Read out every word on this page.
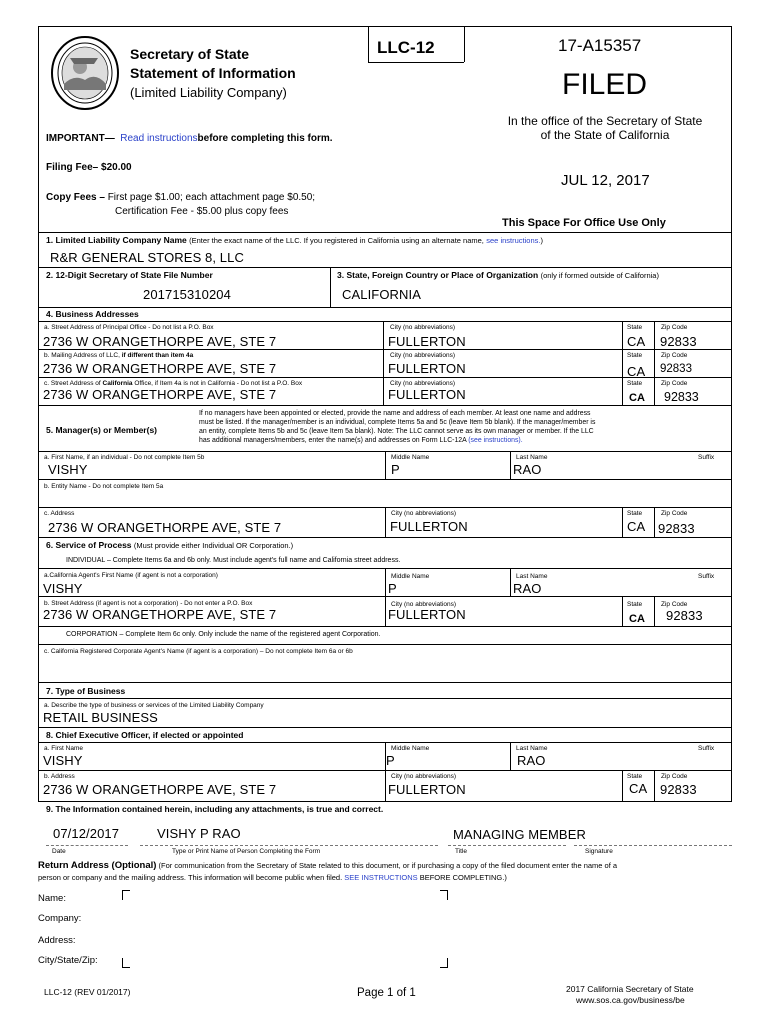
Secretary of State
Statement of Information
(Limited Liability Company)
LLC-12	17-A15357
FILED
In the office of the Secretary of State
of the State of California
JUL 12, 2017
This Space For Office Use Only
IMPORTANT— Read instructionsbefore completing this form.
Filing Fee– $20.00
Copy Fees – First page $1.00; each attachment page $0.50;
Certification Fee - $5.00 plus copy fees
1. Limited Liability Company Name (Enter the exact name of the LLC. If you registered in California using an alternate name, see instructions.)
R&R GENERAL STORES 8, LLC
2. 12-Digit Secretary of State File Number
201715310204
3. State, Foreign Country or Place of Organization (only if formed outside of California)
CALIFORNIA
4. Business Addresses
a. Street Address of Principal Office - Do not list a P.O. Box	City (no abbreviations)	State	Zip Code
2736 W ORANGETHORPE AVE, STE 7	FULLERTON	CA 92833
b. Mailing Address of LLC, if different than item 4a	City (no abbreviations)	State	Zip Code
2736 W ORANGETHORPE AVE, STE 7	FULLERTON	CA 92833
c. Street Address of California Office, if Item 4a is not in California - Do not list a P.O. Box	City (no abbreviations)	State	Zip Code
2736 W ORANGETHORPE AVE, STE 7	FULLERTON	CA 92833
5. Manager(s) or Member(s)
If no managers have been appointed or elected, provide the name and address of each member. At least one name and address
must be listed. If the manager/member is an individual, complete Items 5a and 5c (leave Item 5b blank). If the manager/member is
an entity, complete Items 5b and 5c (leave Item 5a blank). Note: The LLC cannot serve as its own manager or member. If the LLC
has additional managers/members, enter the name(s) and addresses on Form LLC-12A (see instructions).
a. First Name, if an individual - Do not complete Item 5b	Middle Name	Last Name	Suffix
VISHY	P	RAO
b. Entity Name - Do not complete Item 5a
c. Address	City (no abbreviations)	State	Zip Code
2736 W ORANGETHORPE AVE, STE 7	FULLERTON	CA 92833
6. Service of Process (Must provide either Individual OR Corporation.)
INDIVIDUAL – Complete Items 6a and 6b only. Must include agent's full name and California street address.
a.California Agent's First Name (if agent is not a corporation)	Middle Name	Last Name	Suffix
VISHY	P	RAO
b. Street Address (if agent is not a corporation) - Do not enter a P.O. Box	City (no abbreviations)	State	Zip Code
2736 W ORANGETHORPE AVE, STE 7	FULLERTON	CA 92833
CORPORATION – Complete Item 6c only. Only include the name of the registered agent Corporation.
c. California Registered Corporate Agent's Name (if agent is a corporation) – Do not complete Item 6a or 6b
7. Type of Business
a. Describe the type of business or services of the Limited Liability Company
RETAIL BUSINESS
8. Chief Executive Officer, if elected or appointed
a. First Name	Middle Name	Last Name	Suffix
VISHY	P	RAO
b. Address	City (no abbreviations)	State	Zip Code
2736 W ORANGETHORPE AVE, STE 7	FULLERTON	CA 92833
9. The Information contained herein, including any attachments, is true and correct.
07/12/2017	VISHY P RAO	MANAGING MEMBER
Date	Type or Print Name of Person Completing the Form	Title	Signature
Return Address (Optional) (For communication from the Secretary of State related to this document, or if purchasing a copy of the filed document enter the name of a
person or company and the mailing address. This information will become public when filed. SEE INSTRUCTIONS BEFORE COMPLETING.)
Name:
Company:
Address:
City/State/Zip:
LLC-12 (REV 01/2017)	Page 1 of 1	2017 California Secretary of State
www.sos.ca.gov/business/be
